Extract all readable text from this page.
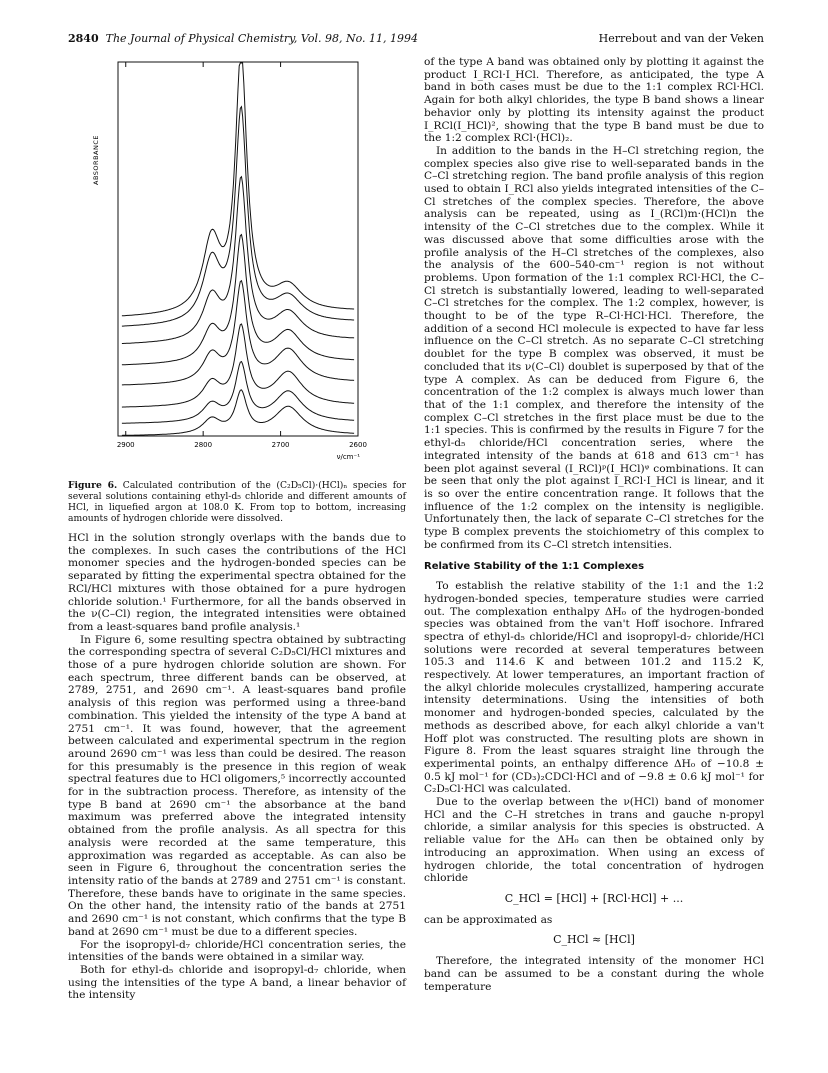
2840 The Journal of Physical Chemistry, Vol. 98, No. 11, 1994	Herrebout and van der Veken
2900	2800	2700	2600
ν/cm⁻¹
ABSORBANCE
Figure 6. Calculated contribution of the (C₂D₅Cl)·(HCl)ₙ species for several solutions containing ethyl-d₅ chloride and different amounts of HCl, in liquefied argon at 108.0 K. From top to bottom, increasing amounts of hydrogen chloride were dissolved.

HCl in the solution strongly overlaps with the bands due to the complexes. In such cases the contributions of the HCl monomer species and the hydrogen-bonded species can be separated by fitting the experimental spectra obtained for the RCl/HCl mixtures with those obtained for a pure hydrogen chloride solution.¹ Furthermore, for all the bands observed in the ν(C–Cl) region, the integrated intensities were obtained from a least-squares band profile analysis.¹

In Figure 6, some resulting spectra obtained by subtracting the corresponding spectra of several C₂D₅Cl/HCl mixtures and those of a pure hydrogen chloride solution are shown. For each spectrum, three different bands can be observed, at 2789, 2751, and 2690 cm⁻¹. A least-squares band profile analysis of this region was performed using a three-band combination. This yielded the intensity of the type A band at 2751 cm⁻¹. It was found, however, that the agreement between calculated and experimental spectrum in the region around 2690 cm⁻¹ was less than could be desired. The reason for this presumably is the presence in this region of weak spectral features due to HCl oligomers,⁵ incorrectly accounted for in the subtraction process. Therefore, as intensity of the type B band at 2690 cm⁻¹ the absorbance at the band maximum was preferred above the integrated intensity obtained from the profile analysis. As all spectra for this analysis were recorded at the same temperature, this approximation was regarded as acceptable. As can also be seen in Figure 6, throughout the concentration series the intensity ratio of the bands at 2789 and 2751 cm⁻¹ is constant. Therefore, these bands have to originate in the same species. On the other hand, the intensity ratio of the bands at 2751 and 2690 cm⁻¹ is not constant, which confirms that the type B band at 2690 cm⁻¹ must be due to a different species.

For the isopropyl-d₇ chloride/HCl concentration series, the intensities of the bands were obtained in a similar way.

Both for ethyl-d₅ chloride and isopropyl-d₇ chloride, when using the intensities of the type A band, a linear behavior of the intensity

of the type A band was obtained only by plotting it against the product I_RCl·I_HCl. Therefore, as anticipated, the type A band in both cases must be due to the 1:1 complex RCl·HCl. Again for both alkyl chlorides, the type B band shows a linear behavior only by plotting its intensity against the product I_RCl(I_HCl)², showing that the type B band must be due to the 1:2 complex RCl·(HCl)₂.

In addition to the bands in the H–Cl stretching region, the complex species also give rise to well-separated bands in the C–Cl stretching region. The band profile analysis of this region used to obtain I_RCl also yields integrated intensities of the C–Cl stretches of the complex species. Therefore, the above analysis can be repeated, using as I_(RCl)m·(HCl)n the intensity of the C–Cl stretches due to the complex. While it was discussed above that some difficulties arose with the profile analysis of the H–Cl stretches of the complexes, also the analysis of the 600–540-cm⁻¹ region is not without problems. Upon formation of the 1:1 complex RCl·HCl, the C–Cl stretch is substantially lowered, leading to well-separated C–Cl stretches for the complex. The 1:2 complex, however, is thought to be of the type R–Cl·HCl·HCl. Therefore, the addition of a second HCl molecule is expected to have far less influence on the C–Cl stretch. As no separate C–Cl stretching doublet for the type B complex was observed, it must be concluded that its ν(C–Cl) doublet is superposed by that of the type A complex. As can be deduced from Figure 6, the concentration of the 1:2 complex is always much lower than that of the 1:1 complex, and therefore the intensity of the complex C–Cl stretches in the first place must be due to the 1:1 species. This is confirmed by the results in Figure 7 for the ethyl-d₅ chloride/HCl concentration series, where the integrated intensity of the bands at 618 and 613 cm⁻¹ has been plot against several (I_RCl)ᵖ(I_HCl)ᵠ combinations. It can be seen that only the plot against I_RCl·I_HCl is linear, and it is so over the entire concentration range. It follows that the influence of the 1:2 complex on the intensity is negligible. Unfortunately then, the lack of separate C–Cl stretches for the type B complex prevents the stoichiometry of this complex to be confirmed from its C–Cl stretch intensities.

Relative Stability of the 1:1 Complexes

To establish the relative stability of the 1:1 and the 1:2 hydrogen-bonded species, temperature studies were carried out. The complexation enthalpy ΔH₀ of the hydrogen-bonded species was obtained from the van't Hoff isochore. Infrared spectra of ethyl-d₅ chloride/HCl and isopropyl-d₇ chloride/HCl solutions were recorded at several temperatures between 105.3 and 114.6 K and between 101.2 and 115.2 K, respectively. At lower temperatures, an important fraction of the alkyl chloride molecules crystallized, hampering accurate intensity determinations. Using the intensities of both monomer and hydrogen-bonded species, calculated by the methods as described above, for each alkyl chloride a van't Hoff plot was constructed. The resulting plots are shown in Figure 8. From the least squares straight line through the experimental points, an enthalpy difference ΔH₀ of −10.8 ± 0.5 kJ mol⁻¹ for (CD₃)₂CDCl·HCl and of −9.8 ± 0.6 kJ mol⁻¹ for C₂D₅Cl·HCl was calculated.

Due to the overlap between the ν(HCl) band of monomer HCl and the C–H stretches in trans and gauche n-propyl chloride, a similar analysis for this species is obstructed. A reliable value for the ΔH₀ can then be obtained only by introducing an approximation. When using an excess of hydrogen chloride, the total concentration of hydrogen chloride

C_HCl = [HCl] + [RCl·HCl] + ...

can be approximated as

C_HCl ≈ [HCl]

Therefore, the integrated intensity of the monomer HCl band can be assumed to be a constant during the whole temperature
